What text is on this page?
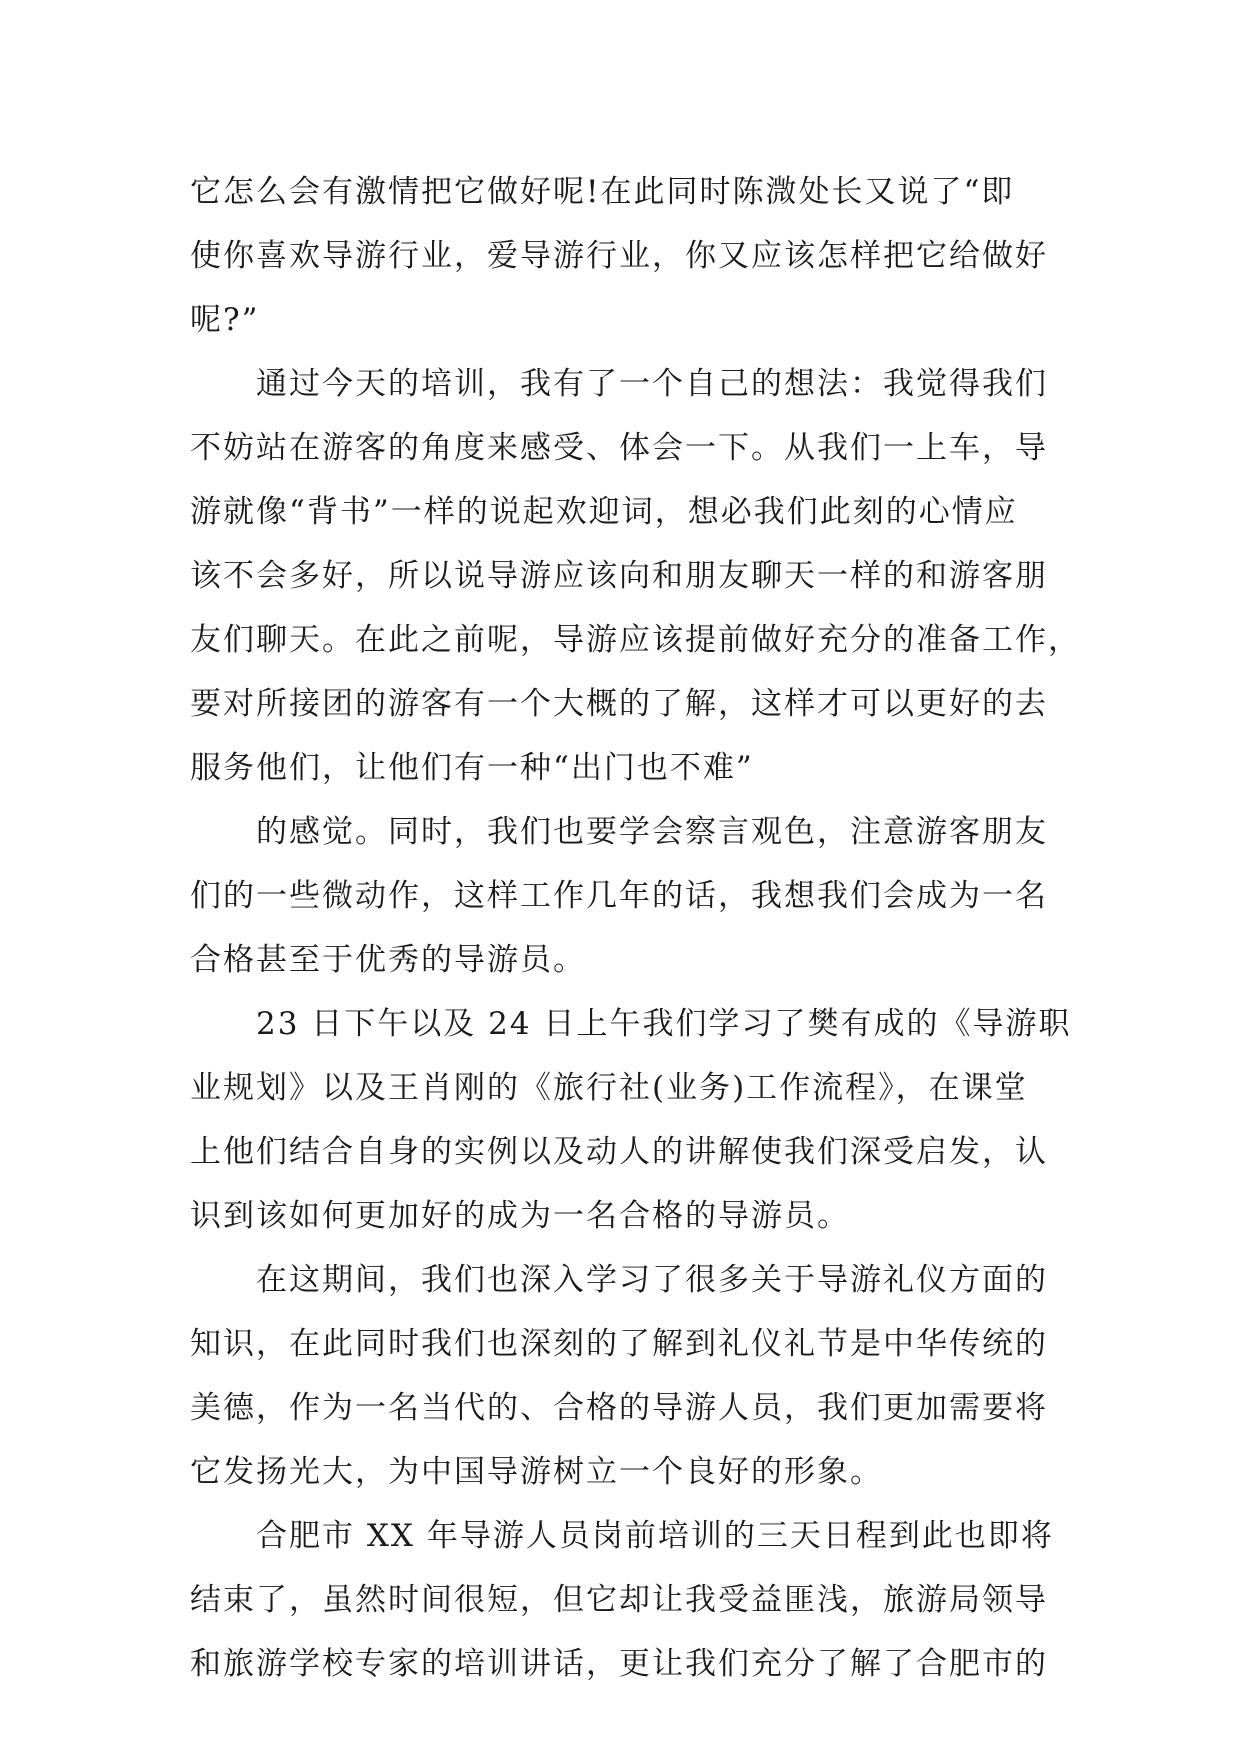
它怎么会有激情把它做好呢!在此同时陈溦处长又说了“即
使你喜欢导游行业，爱导游行业，你又应该怎样把它给做好
呢?”
通过今天的培训，我有了一个自己的想法：我觉得我们
不妨站在游客的角度来感受、体会一下。从我们一上车，导
游就像“背书”一样的说起欢迎词，想必我们此刻的心情应
该不会多好，所以说导游应该向和朋友聊天一样的和游客朋
友们聊天。在此之前呢，导游应该提前做好充分的准备工作，
要对所接团的游客有一个大概的了解，这样才可以更好的去
服务他们，让他们有一种“出门也不难”
的感觉。同时，我们也要学会察言观色，注意游客朋友
们的一些微动作，这样工作几年的话，我想我们会成为一名
合格甚至于优秀的导游员。
23 日下午以及 24 日上午我们学习了樊有成的《导游职
业规划》以及王肖刚的《旅行社(业务)工作流程》，在课堂
上他们结合自身的实例以及动人的讲解使我们深受启发，认
识到该如何更加好的成为一名合格的导游员。
在这期间，我们也深入学习了很多关于导游礼仪方面的
知识，在此同时我们也深刻的了解到礼仪礼节是中华传统的
美德，作为一名当代的、合格的导游人员，我们更加需要将
它发扬光大，为中国导游树立一个良好的形象。
合肥市 XX 年导游人员岗前培训的三天日程到此也即将
结束了，虽然时间很短，但它却让我受益匪浅，旅游局领导
和旅游学校专家的培训讲话，更让我们充分了解了合肥市的
